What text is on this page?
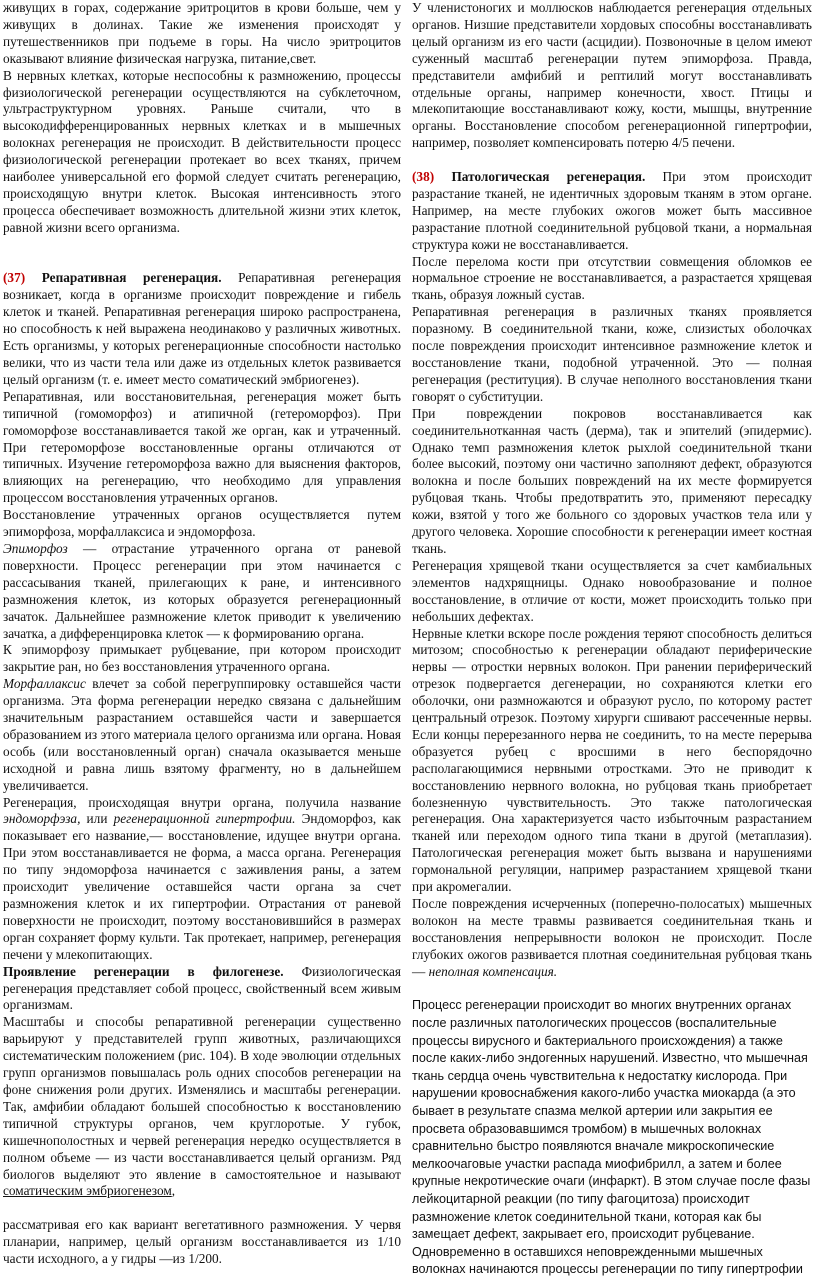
живущих в горах, содержание эритроцитов в крови больше, чем у живущих в долинах. Такие же изменения происходят у путешественников при подъеме в горы. На число эритроцитов оказывают влияние физическая нагрузка, питание,свет.

В нервных клетках, которые неспособны к размножению, процессы физиологической регенерации осуществляются на субклеточном, ультраструктурном уровнях. Раньше считали, что в высокодифференцированных нервных клетках и в мышечных волокнах регенерация не происходит. В действительности процесс физиологической регенерации протекает во всех тканях, причем наиболее универсальной его формой следует считать регенерацию, происходящую внутри клеток. Высокая интенсивность этого процесса обеспечивает возможность длительной жизни этих клеток, равной жизни всего организма.

(37) Репаративная регенерация. Репаративная регенерация возникает, когда в организме происходит повреждение и гибель клеток и тканей. Репаративная регенерация широко распространена, но способность к ней выражена неодинаково у различных животных. Есть организмы, у которых регенерационные способности настолько велики, что из части тела или даже из отдельных клеток развивается целый организм (т. е. имеет место соматический эмбриогенез).

Репаративная, или восстановительная, регенерация может быть типичной (гомоморфоз) и атипичной (гетероморфоз). При гомоморфозе восстанавливается такой же орган, как и утраченный. При гетероморфозе восстановленные органы отличаются от типичных. Изучение гетероморфоза важно для выяснения факторов, влияющих на регенерацию, что необходимо для управления процессом восстановления утраченных органов.

Восстановление утраченных органов осуществляется путем эпиморфоза, морфаллаксиса и эндоморфоза.

Эпиморфоз — отрастание утраченного органа от раневой поверхности. Процесс регенерации при этом начинается с рассасывания тканей, прилегающих к ране, и интенсивного размножения клеток, из которых образуется регенерационный зачаток. Дальнейшее размножение клеток приводит к увеличению зачатка, а дифференцировка клеток — к формированию органа.

К эпиморфозу примыкает рубцевание, при котором происходит закрытие ран, но без восстановления утраченного органа.

Морфаллаксис влечет за собой перегруппировку оставшейся части организма. Эта форма регенерации нередко связана с дальнейшим значительным разрастанием оставшейся части и завершается образованием из этого материала целого организма или органа. Новая особь (или восстановленный орган) сначала оказывается меньше исходной и равна лишь взятому фрагменту, но в дальнейшем увеличивается.

Регенерация, происходящая внутри органа, получила название эндоморфэза, или регенерационной гипертрофии. Эндоморфоз, как показывает его название,— восстановление, идущее внутри органа. При этом восстанавливается не форма, а масса органа. Регенерация по типу эндоморфоза начинается с заживления раны, а затем происходит увеличение оставшейся части органа за счет размножения клеток и их гипертрофии. Отрастания от раневой поверхности не происходит, поэтому восстановившийся в размерах орган сохраняет форму культи. Так протекает, например, регенерация печени у млекопитающих.

Проявление регенерации в филогенезе. Физиологическая регенерация представляет собой процесс, свойственный всем живым организмам.

Масштабы и способы репаративной регенерации существенно варьируют у представителей групп животных, различающихся систематическим положением (рис. 104). В ходе эволюции отдельных групп организмов повышалась роль одних способов регенерации на фоне снижения роли других. Изменялись и масштабы регенерации. Так, амфибии обладают большей способностью к восстановлению типичной структуры органов, чем круглоротые. У губок, кишечнополостных и червей регенерация нередко осуществляется в полном объеме — из части восстанавливается целый организм. Ряд биологов выделяют это явление в самостоятельное и называют соматическим эмбриогенезом,

рассматривая его как вариант вегетативного размножения. У червя планарии, например, целый организм восстанавливается из 1/10 части исходного, а у гидры —из 1/200.

У членистоногих и моллюсков наблюдается регенерация отдельных органов. Низшие представители хордовых способны восстанавливать целый организм из его части (асцидии). Позвоночные в целом имеют суженный масштаб регенерации путем эпиморфоза. Правда, представители амфибий и рептилий могут восстанавливать отдельные органы, например конечности, хвост. Птицы и млекопитающие восстанавливают кожу, кости, мышцы, внутренние органы. Восстановление способом регенерационной гипертрофии, например, позволяет компенсировать потерю 4/5 печени.

(38) Патологическая регенерация. При этом происходит разрастание тканей, не идентичных здоровым тканям в этом органе. Например, на месте глубоких ожогов может быть массивное разрастание плотной соединительной рубцовой ткани, а нормальная структура кожи не восстанавливается.

После перелома кости при отсутствии совмещения обломков ее нормальное строение не восстанавливается, а разрастается хрящевая ткань, образуя ложный сустав.

Репаративная регенерация в различных тканях проявляется поразному. В соединительной ткани, коже, слизистых оболочках после повреждения происходит интенсивное размножение клеток и восстановление ткани, подобной утраченной. Это — полная регенерация (реституция). В случае неполного восстановления ткани говорят о субституции.

При повреждении покровов восстанавливается как соединительнотканная часть (дерма), так и эпителий (эпидермис). Однако темп размножения клеток рыхлой соединительной ткани более высокий, поэтому они частично заполняют дефект, образуются волокна и после больших повреждений на их месте формируется рубцовая ткань. Чтобы предотвратить это, применяют пересадку кожи, взятой у того же больного со здоровых участков тела или у другого человека. Хорошие способности к регенерации имеет костная ткань.

Регенерация хрящевой ткани осуществляется за счет камбиальных элементов надхрящницы. Однако новообразование и полное восстановление, в отличие от кости, может происходить только при небольших дефектах.

Нервные клетки вскоре после рождения теряют способность делиться митозом; способностью к регенерации обладают периферические нервы — отростки нервных волокон. При ранении периферический отрезок подвергается дегенерации, но сохраняются клетки его оболочки, они размножаются и образуют русло, по которому растет центральный отрезок. Поэтому хирурги сшивают рассеченные нервы. Если концы перерезанного нерва не соединить, то на месте перерыва образуется рубец с вросшими в него беспорядочно располагающимися нервными отростками. Это не приводит к восстановлению нервного волокна, но рубцовая ткань приобретает болезненную чувствительность. Это также патологическая регенерация. Она характеризуется часто избыточным разрастанием тканей или переходом одного типа ткани в другой (метаплазия). Патологическая регенерация может быть вызвана и нарушениями гормональной регуляции, например разрастанием хрящевой ткани при акромегалии.

После повреждения исчерченных (поперечно-полосатых) мышечных волокон на месте травмы развивается соединительная ткань и восстановления непрерывности волокон не происходит. После глубоких ожогов развивается плотная соединительная рубцовая ткань — неполная компенсация.

Процесс регенерации происходит во многих внутренних органах после различных патологических процессов (воспалительные процессы вирусного и бактериального происхождения) а также после каких-либо эндогенных нарушений. Известно, что мышечная ткань сердца очень чувствительна к недостатку кислорода. При нарушении кровоснабжения какого-либо участка миокарда (а это бывает в результате спазма мелкой артерии или закрытия ее просвета образовавшимся тромбом) в мышечных волокнах сравнительно быстро появляются вначале микроскопические мелкоочаговые участки распада миофибрилл, а затем и более крупные некротические очаги (инфаркт). В этом случае после фазы лейкоцитарной реакции (по типу фагоцитоза) происходит размножение клеток соединительной ткани, которая как бы замещает дефект, закрывает его, происходит рубцевание. Одновременно в оставшихся неповрежденными мышечных волокнах начинаются процессы регенерации по типу гипертрофии
